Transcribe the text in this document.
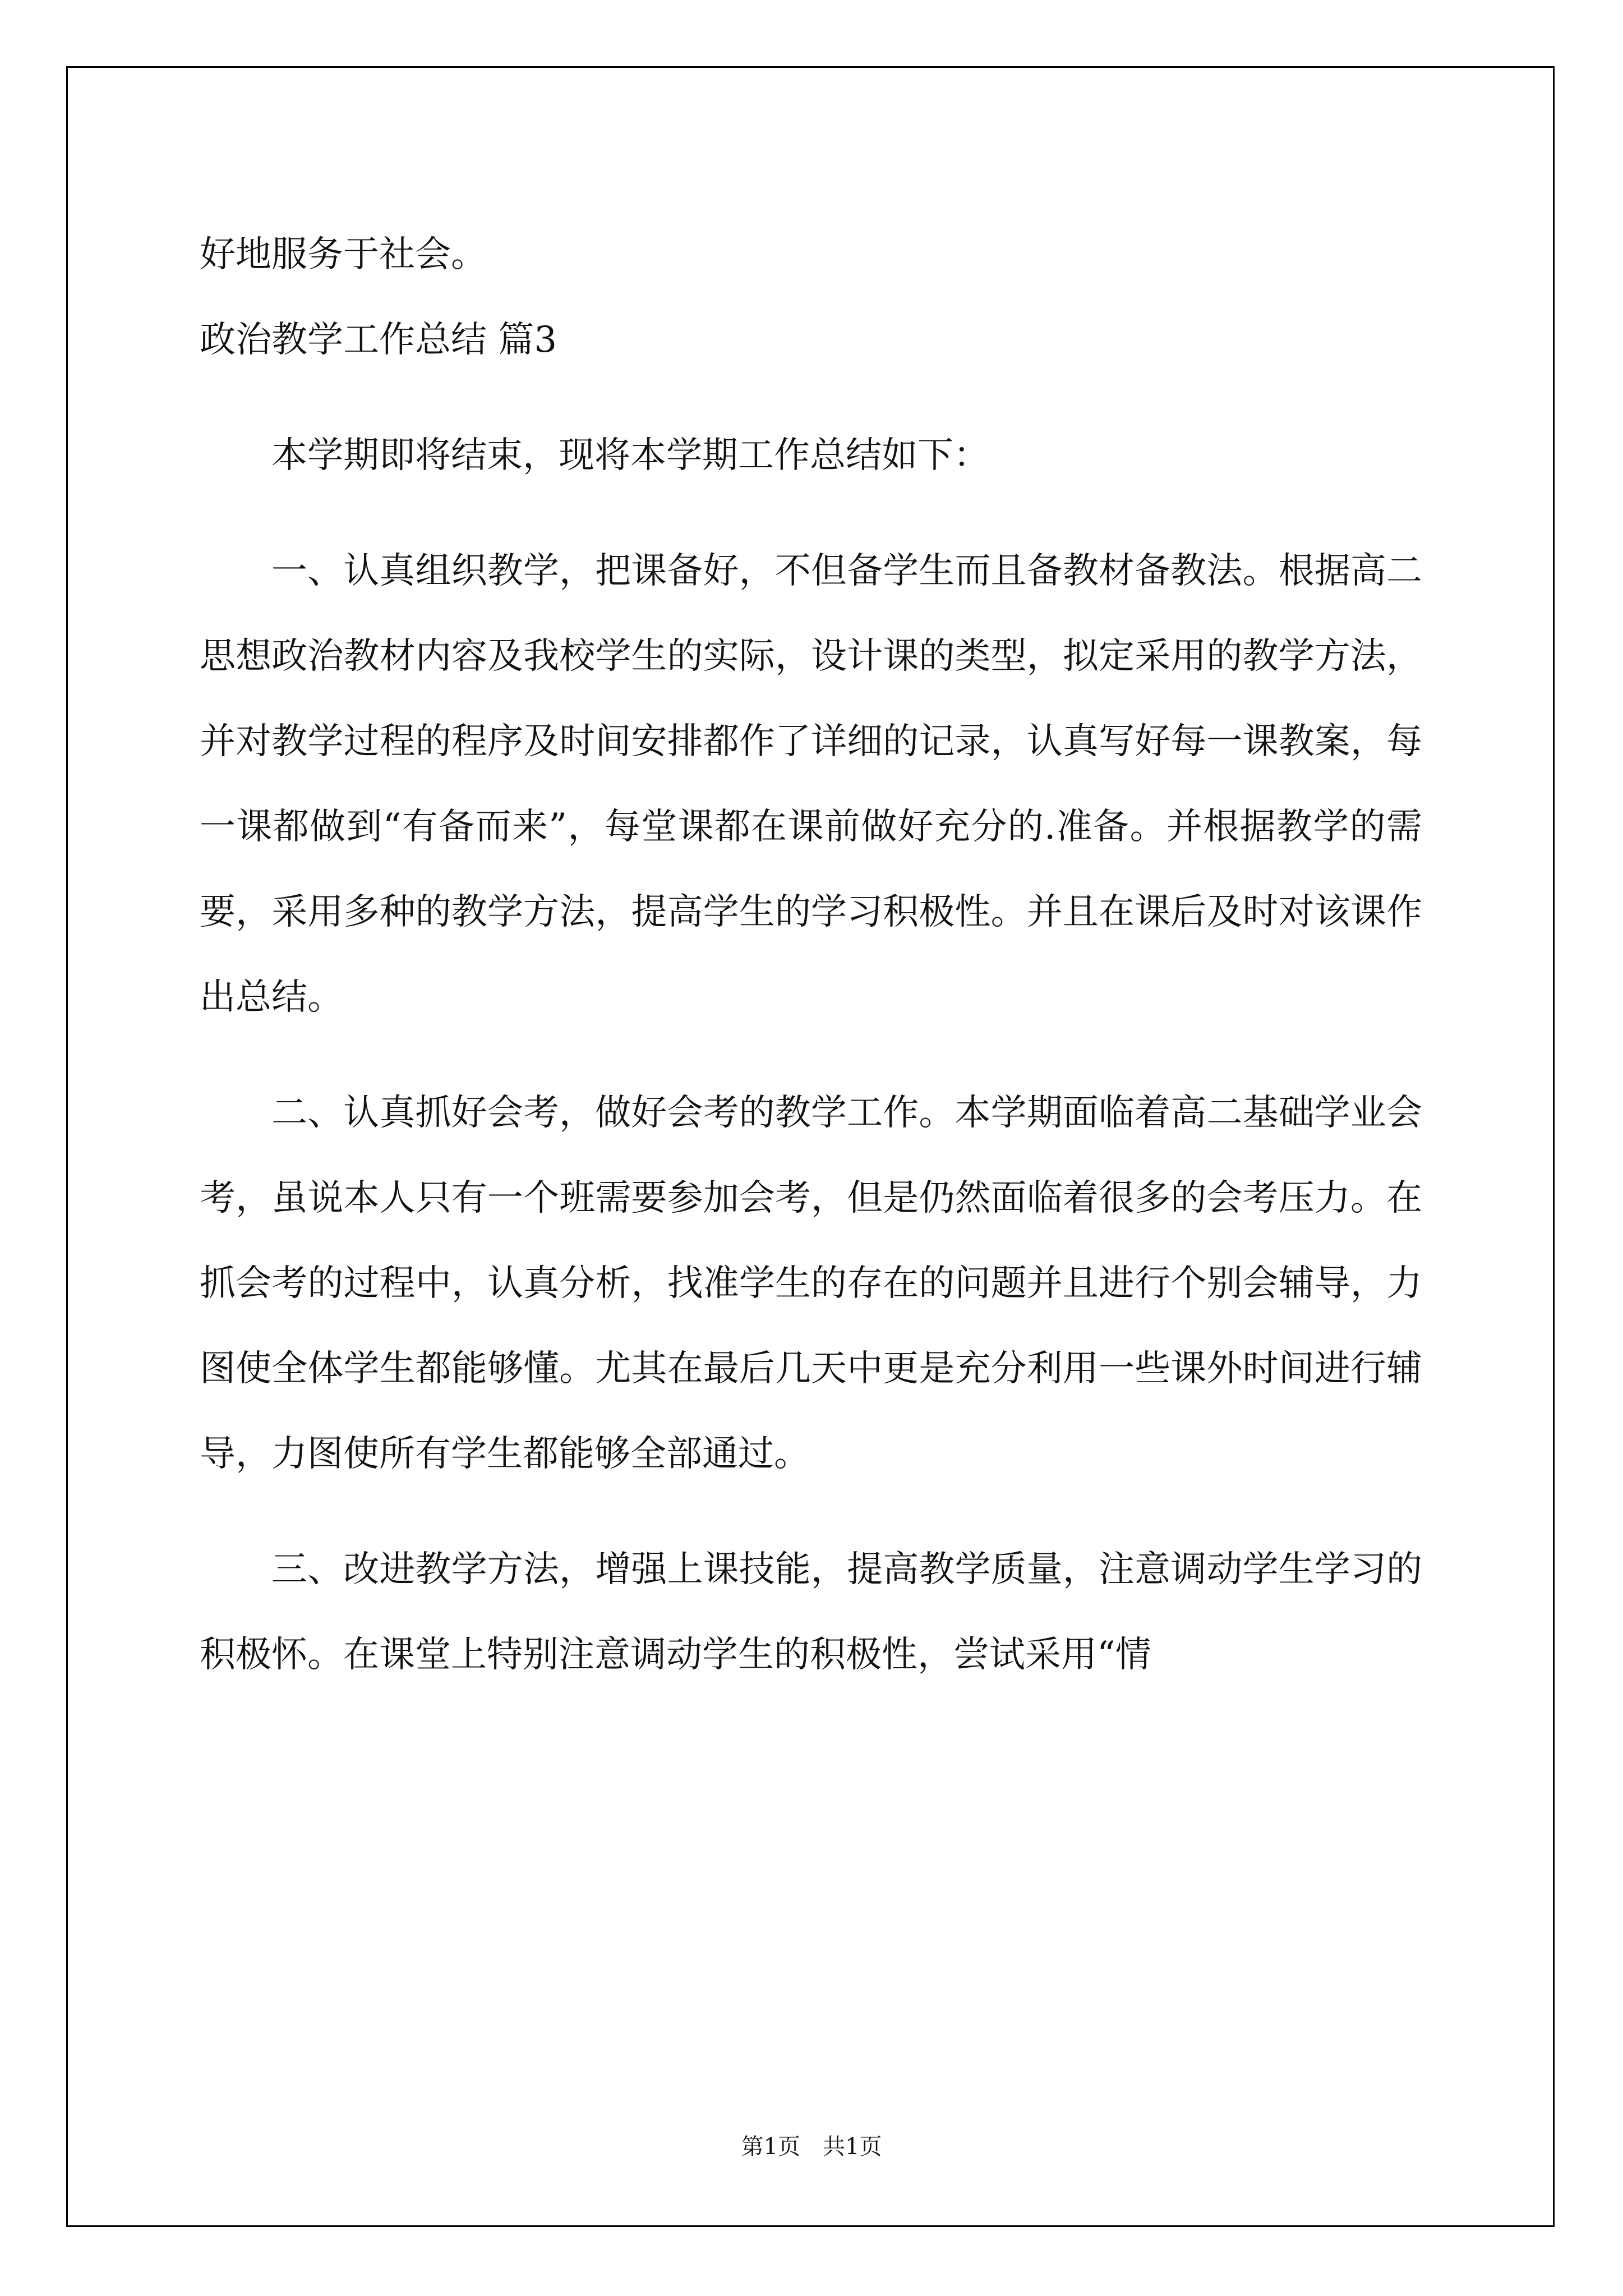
好地服务于社会。

政治教学工作总结 篇3

本学期即将结束，现将本学期工作总结如下：

一、认真组织教学，把课备好，不但备学生而且备教材备教法。根据高二思想政治教材内容及我校学生的实际，设计课的类型，拟定采用的教学方法，并对教学过程的程序及时间安排都作了详细的记录，认真写好每一课教案，每一课都做到“有备而来”，每堂课都在课前做好充分的.准备。并根据教学的需要，采用多种的教学方法，提高学生的学习积极性。并且在课后及时对该课作出总结。

二、认真抓好会考，做好会考的教学工作。本学期面临着高二基础学业会考，虽说本人只有一个班需要参加会考，但是仍然面临着很多的会考压力。在抓会考的过程中，认真分析，找准学生的存在的问题并且进行个别会辅导，力图使全体学生都能够懂。尤其在最后几天中更是充分利用一些课外时间进行辅导，力图使所有学生都能够全部通过。

三、改进教学方法，增强上课技能，提高教学质量，注意调动学生学习的积极怀。在课堂上特别注意调动学生的积极性，尝试采用“情

第1页　共1页
